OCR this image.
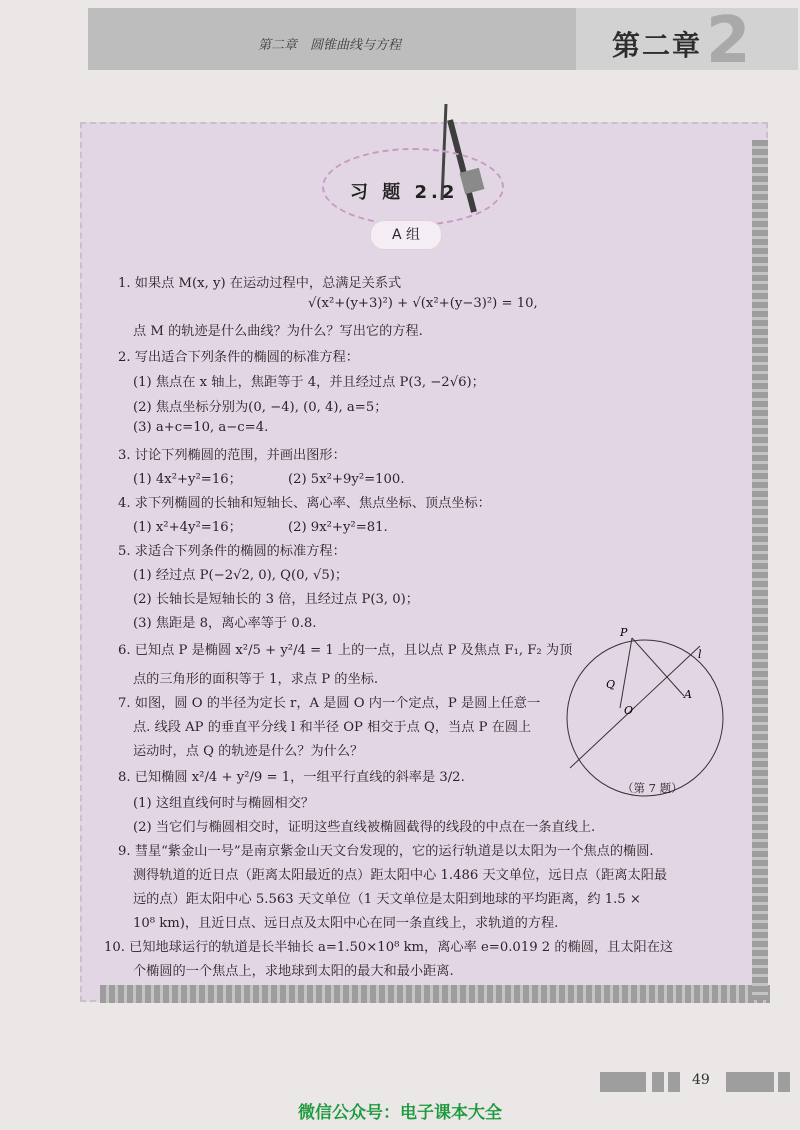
第二章　圆锥曲线与方程	2
第二章
习 题 2.2
A 组
1. 如果点 M(x, y) 在运动过程中，总满足关系式
√(x²+(y+3)²) + √(x²+(y−3)²) = 10,
点 M 的轨迹是什么曲线？为什么？写出它的方程.
2. 写出适合下列条件的椭圆的标准方程：
(1) 焦点在 x 轴上，焦距等于 4，并且经过点 P(3, −2√6)；
(2) 焦点坐标分别为(0, −4), (0, 4), a=5；
(3) a+c=10, a−c=4.
3. 讨论下列椭圆的范围，并画出图形：
(1) 4x²+y²=16；　　　　(2) 5x²+9y²=100.
4. 求下列椭圆的长轴和短轴长、离心率、焦点坐标、顶点坐标：
(1) x²+4y²=16；　　　　(2) 9x²+y²=81.
5. 求适合下列条件的椭圆的标准方程：
(1) 经过点 P(−2√2, 0), Q(0, √5)；
(2) 长轴长是短轴长的 3 倍，且经过点 P(3, 0)；
(3) 焦距是 8，离心率等于 0.8.
6. 已知点 P 是椭圆 x²/5 + y²/4 = 1 上的一点，且以点 P 及焦点 F₁, F₂ 为顶
点的三角形的面积等于 1，求点 P 的坐标.
7. 如图，圆 O 的半径为定长 r，A 是圆 O 内一个定点，P 是圆上任意一
点. 线段 AP 的垂直平分线 l 和半径 OP 相交于点 Q，当点 P 在圆上
运动时，点 Q 的轨迹是什么？为什么？
8. 已知椭圆 x²/4 + y²/9 = 1，一组平行直线的斜率是 3/2.
(1) 这组直线何时与椭圆相交？
(2) 当它们与椭圆相交时，证明这些直线被椭圆截得的线段的中点在一条直线上.
9. 彗星“紫金山一号”是南京紫金山天文台发现的，它的运行轨道是以太阳为一个焦点的椭圆.
测得轨道的近日点（距离太阳最近的点）距太阳中心 1.486 天文单位，远日点（距离太阳最
远的点）距太阳中心 5.563 天文单位（1 天文单位是太阳到地球的平均距离，约 1.5 ×
10⁸ km)，且近日点、远日点及太阳中心在同一条直线上，求轨道的方程.
10. 已知地球运行的轨道是长半轴长 a=1.50×10⁸ km，离心率 e=0.019 2 的椭圆，且太阳在这
个椭圆的一个焦点上，求地球到太阳的最大和最小距离.
P
l
Q
A
O
（第 7 题）
49
微信公众号：电子课本大全
